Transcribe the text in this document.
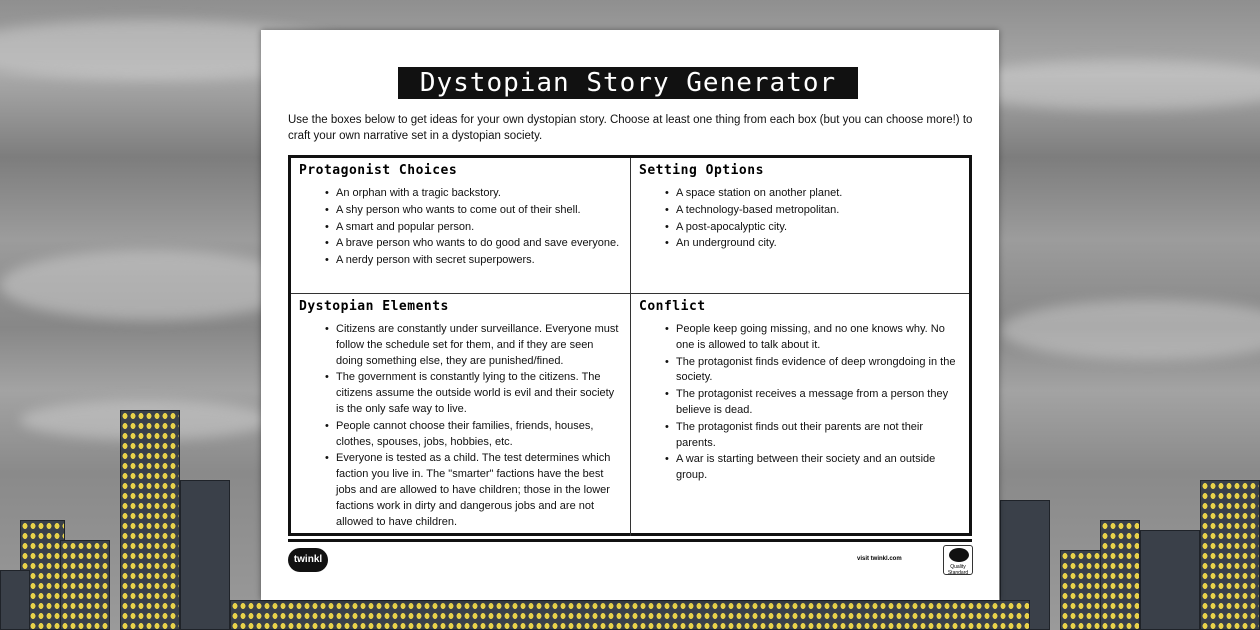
Dystopian Story Generator

Use the boxes below to get ideas for your own dystopian story. Choose at least one thing from each box (but you can choose more!) to craft your own narrative set in a dystopian society.

Protagonist Choices
• An orphan with a tragic backstory.
• A shy person who wants to come out of their shell.
• A smart and popular person.
• A brave person who wants to do good and save everyone.
• A nerdy person with secret superpowers.
Setting Options
• A space station on another planet.
• A technology-based metropolitan.
• A post-apocalyptic city.
• An underground city.
Dystopian Elements
• Citizens are constantly under surveillance. Everyone must follow the schedule set for them, and if they are seen doing something else, they are punished/fined.
• The government is constantly lying to the citizens. The citizens assume the outside world is evil and their society is the only safe way to live.
• People cannot choose their families, friends, houses, clothes, spouses, jobs, hobbies, etc.
• Everyone is tested as a child. The test determines which faction you live in. The "smarter" factions have the best jobs and are allowed to have children; those in the lower factions work in dirty and dangerous jobs and are not allowed to have children.
Conflict
• People keep going missing, and no one knows why. No one is allowed to talk about it.
• The protagonist finds evidence of deep wrongdoing in the society.
• The protagonist receives a message from a person they believe is dead.
• The protagonist finds out their parents are not their parents.
• A war is starting between their society and an outside group.
twinkl	visit twinkl.com
Quality Standard
